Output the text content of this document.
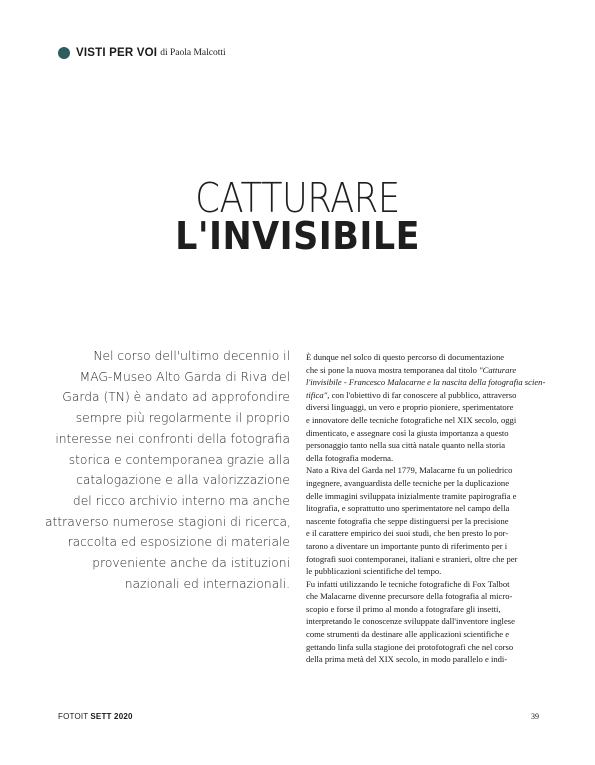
VISTI PER VOI di Paola Malcotti
CATTURARE
L'INVISIBILE

Nel corso dell'ultimo decennio il

MAG-Museo Alto Garda di Riva del

Garda (TN) è andato ad approfondire

sempre più regolarmente il proprio

interesse nei confronti della fotografia

storica e contemporanea grazie alla

catalogazione e alla valorizzazione

del ricco archivio interno ma anche

attraverso numerose stagioni di ricerca,

raccolta ed esposizione di materiale

proveniente anche da istituzioni

nazionali ed internazionali.

È dunque nel solco di questo percorso di documentazione
che si pone la nuova mostra temporanea dal titolo "Catturare
l'invisibile - Francesco Malacarne e la nascita della fotografia scien-
tifica", con l'obiettivo di far conoscere al pubblico, attraverso
diversi linguaggi, un vero e proprio pioniere, sperimentatore
e innovatore delle tecniche fotografiche nel XIX secolo, oggi
dimenticato, e assegnare così la giusta importanza a questo
personaggio tanto nella sua città natale quanto nella storia
della fotografia moderna.
Nato a Riva del Garda nel 1779, Malacarne fu un poliedrico
ingegnere, avanguardista delle tecniche per la duplicazione
delle immagini sviluppata inizialmente tramite papirografia e
litografia, e soprattutto uno sperimentatore nel campo della
nascente fotografia che seppe distinguersi per la precisione
e il carattere empirico dei suoi studi, che ben presto lo por-
tarono a diventare un importante punto di riferimento per i
fotografi suoi contemporanei, italiani e stranieri, oltre che per
le pubblicazioni scientifiche del tempo.
Fu infatti utilizzando le tecniche fotografiche di Fox Talbot
che Malacarne divenne precursore della fotografia al micro-
scopio e forse il primo al mondo a fotografare gli insetti,
interpretando le conoscenze sviluppate dall'inventore inglese
come strumenti da destinare alle applicazioni scientifiche e
gettando linfa sulla stagione dei protofotografi che nel corso
della prima metà del XIX secolo, in modo parallelo e indi-
FOTOIT SETT 2020	39
